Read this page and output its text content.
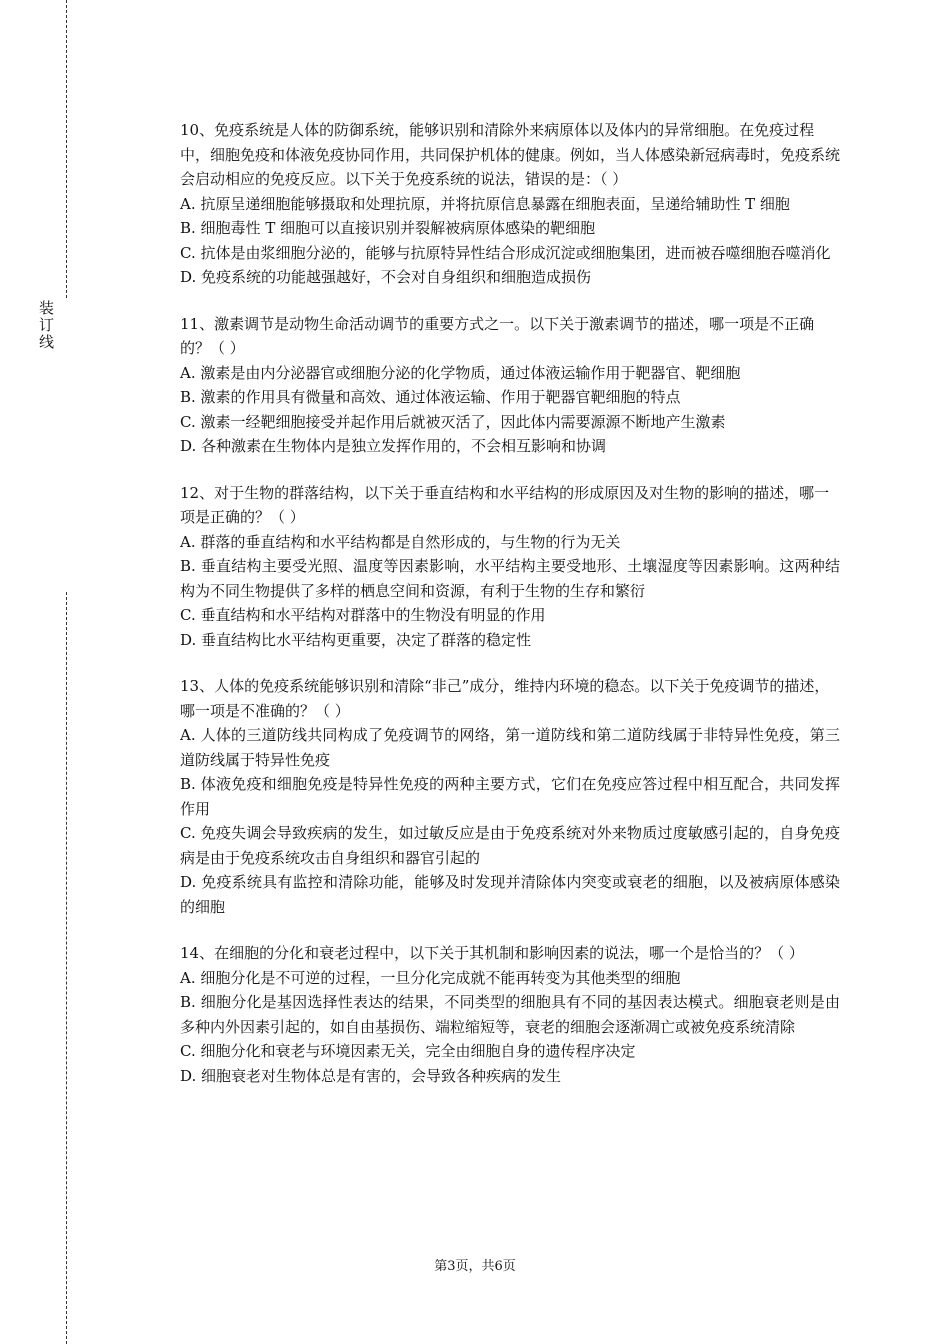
装订线

10、免疫系统是人体的防御系统，能够识别和清除外来病原体以及体内的异常细胞。在免疫过程中，细胞免疫和体液免疫协同作用，共同保护机体的健康。例如，当人体感染新冠病毒时，免疫系统会启动相应的免疫反应。以下关于免疫系统的说法，错误的是：（ ）

A. 抗原呈递细胞能够摄取和处理抗原，并将抗原信息暴露在细胞表面，呈递给辅助性 T 细胞

B. 细胞毒性 T 细胞可以直接识别并裂解被病原体感染的靶细胞

C. 抗体是由浆细胞分泌的，能够与抗原特异性结合形成沉淀或细胞集团，进而被吞噬细胞吞噬消化

D. 免疫系统的功能越强越好，不会对自身组织和细胞造成损伤

11、激素调节是动物生命活动调节的重要方式之一。以下关于激素调节的描述，哪一项是不正确的？（ ）

A. 激素是由内分泌器官或细胞分泌的化学物质，通过体液运输作用于靶器官、靶细胞

B. 激素的作用具有微量和高效、通过体液运输、作用于靶器官靶细胞的特点

C. 激素一经靶细胞接受并起作用后就被灭活了，因此体内需要源源不断地产生激素

D. 各种激素在生物体内是独立发挥作用的，不会相互影响和协调

12、对于生物的群落结构，以下关于垂直结构和水平结构的形成原因及对生物的影响的描述，哪一项是正确的？（ ）

A. 群落的垂直结构和水平结构都是自然形成的，与生物的行为无关

B. 垂直结构主要受光照、温度等因素影响，水平结构主要受地形、土壤湿度等因素影响。这两种结构为不同生物提供了多样的栖息空间和资源，有利于生物的生存和繁衍

C. 垂直结构和水平结构对群落中的生物没有明显的作用

D. 垂直结构比水平结构更重要，决定了群落的稳定性

13、人体的免疫系统能够识别和清除“非己”成分，维持内环境的稳态。以下关于免疫调节的描述，哪一项是不准确的？（ ）

A. 人体的三道防线共同构成了免疫调节的网络，第一道防线和第二道防线属于非特异性免疫，第三道防线属于特异性免疫

B. 体液免疫和细胞免疫是特异性免疫的两种主要方式，它们在免疫应答过程中相互配合，共同发挥作用

C. 免疫失调会导致疾病的发生，如过敏反应是由于免疫系统对外来物质过度敏感引起的，自身免疫病是由于免疫系统攻击自身组织和器官引起的

D. 免疫系统具有监控和清除功能，能够及时发现并清除体内突变或衰老的细胞，以及被病原体感染的细胞

14、在细胞的分化和衰老过程中，以下关于其机制和影响因素的说法，哪一个是恰当的？（ ）

A. 细胞分化是不可逆的过程，一旦分化完成就不能再转变为其他类型的细胞

B. 细胞分化是基因选择性表达的结果，不同类型的细胞具有不同的基因表达模式。细胞衰老则是由多种内外因素引起的，如自由基损伤、端粒缩短等，衰老的细胞会逐渐凋亡或被免疫系统清除

C. 细胞分化和衰老与环境因素无关，完全由细胞自身的遗传程序决定

D. 细胞衰老对生物体总是有害的，会导致各种疾病的发生

第3页，共6页
